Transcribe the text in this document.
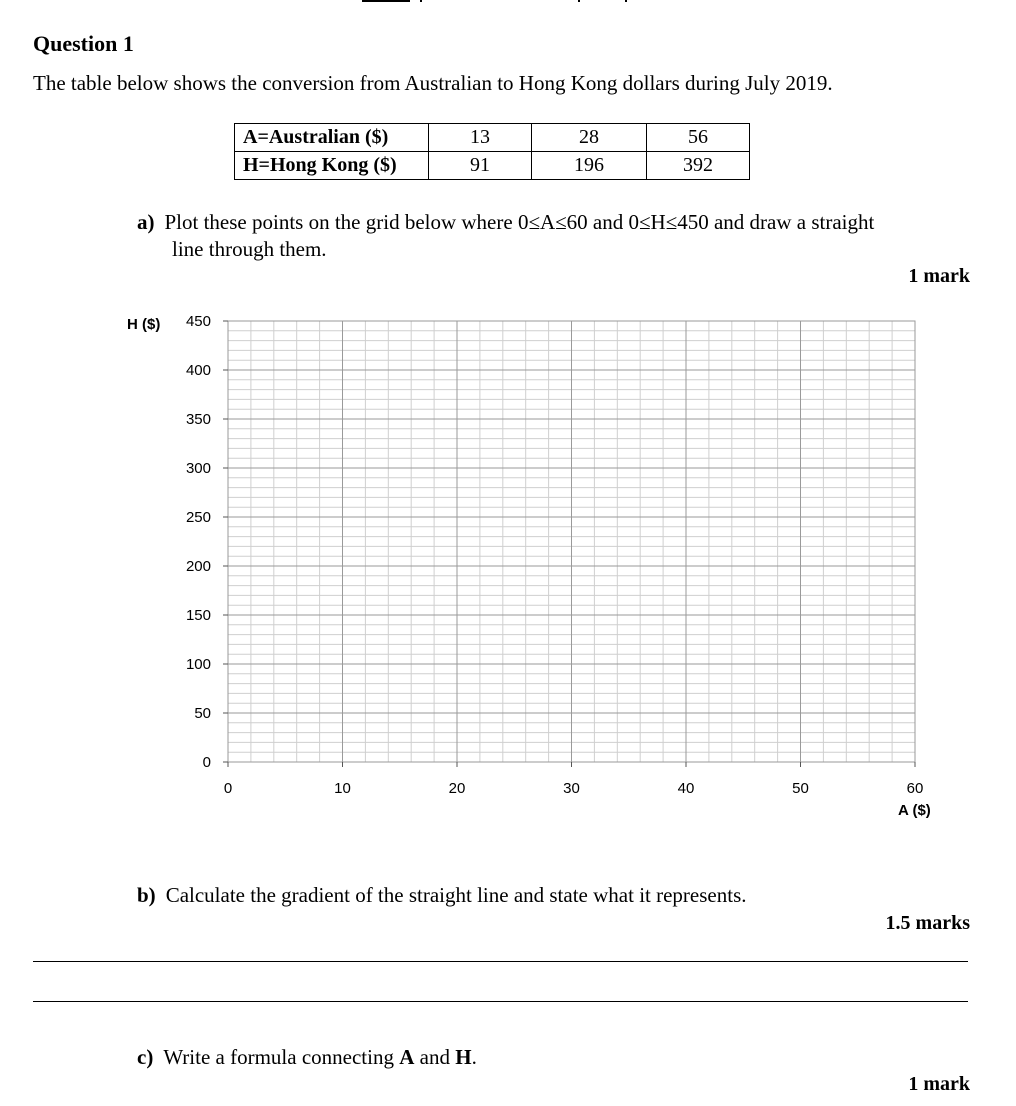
Question 1
The table below shows the conversion from Australian to Hong Kong dollars during July 2019.
A=Australian ($)	13	28	56
H=Hong Kong ($)	91	196	392
a) Plot these points on the grid below where 0≤A≤60 and 0≤H≤450 and draw a straight
line through them.
1 mark
0
50
100
150
200
250
300
350
400
450
0	10	20	30	40	50	60
H ($)
A ($)
b) Calculate the gradient of the straight line and state what it represents.
1.5 marks
c) Write a formula connecting A and H.
1 mark
